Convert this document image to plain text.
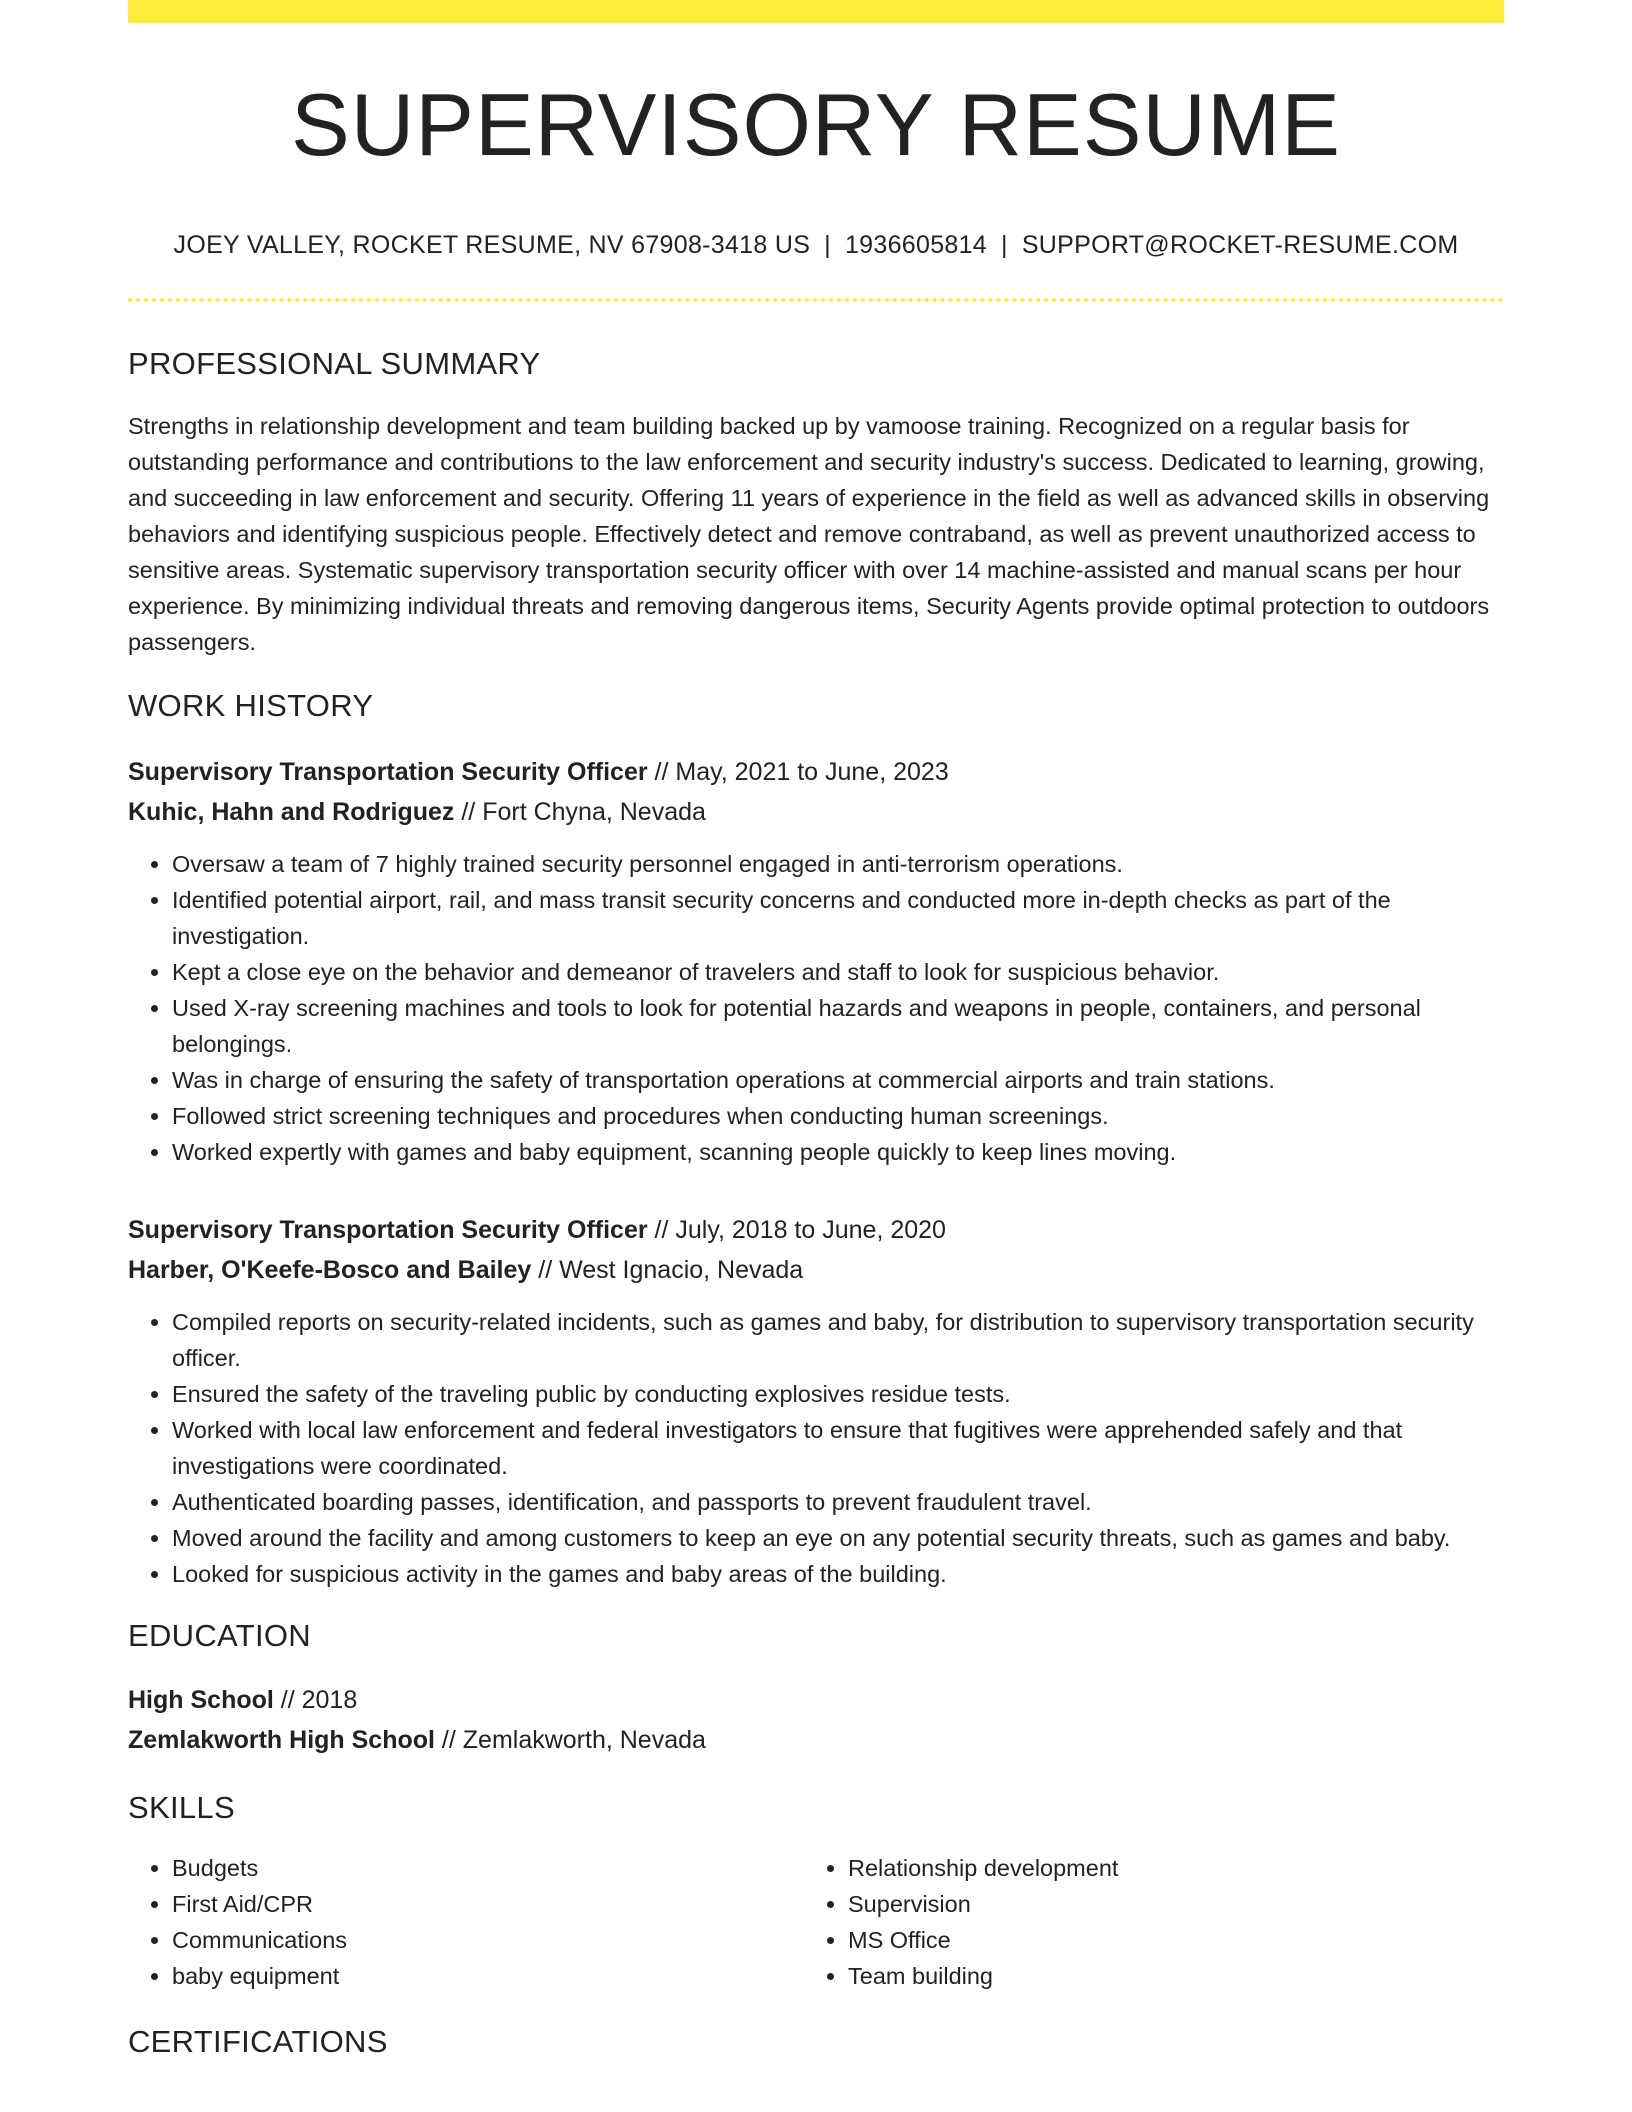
SUPERVISORY RESUME
JOEY VALLEY, ROCKET RESUME, NV 67908-3418 US | 1936605814 | SUPPORT@ROCKET-RESUME.COM
PROFESSIONAL SUMMARY
Strengths in relationship development and team building backed up by vamoose training. Recognized on a regular basis for outstanding performance and contributions to the law enforcement and security industry's success. Dedicated to learning, growing, and succeeding in law enforcement and security. Offering 11 years of experience in the field as well as advanced skills in observing behaviors and identifying suspicious people. Effectively detect and remove contraband, as well as prevent unauthorized access to sensitive areas. Systematic supervisory transportation security officer with over 14 machine-assisted and manual scans per hour experience. By minimizing individual threats and removing dangerous items, Security Agents provide optimal protection to outdoors passengers.
WORK HISTORY
Supervisory Transportation Security Officer // May, 2021 to June, 2023
Kuhic, Hahn and Rodriguez // Fort Chyna, Nevada
• Oversaw a team of 7 highly trained security personnel engaged in anti-terrorism operations.
• Identified potential airport, rail, and mass transit security concerns and conducted more in-depth checks as part of the investigation.
• Kept a close eye on the behavior and demeanor of travelers and staff to look for suspicious behavior.
• Used X-ray screening machines and tools to look for potential hazards and weapons in people, containers, and personal belongings.
• Was in charge of ensuring the safety of transportation operations at commercial airports and train stations.
• Followed strict screening techniques and procedures when conducting human screenings.
• Worked expertly with games and baby equipment, scanning people quickly to keep lines moving.
Supervisory Transportation Security Officer // July, 2018 to June, 2020
Harber, O'Keefe-Bosco and Bailey // West Ignacio, Nevada
• Compiled reports on security-related incidents, such as games and baby, for distribution to supervisory transportation security officer.
• Ensured the safety of the traveling public by conducting explosives residue tests.
• Worked with local law enforcement and federal investigators to ensure that fugitives were apprehended safely and that investigations were coordinated.
• Authenticated boarding passes, identification, and passports to prevent fraudulent travel.
• Moved around the facility and among customers to keep an eye on any potential security threats, such as games and baby.
• Looked for suspicious activity in the games and baby areas of the building.
EDUCATION
High School // 2018
Zemlakworth High School // Zemlakworth, Nevada
SKILLS
• Budgets
• First Aid/CPR
• Communications
• baby equipment
• Relationship development
• Supervision
• MS Office
• Team building
CERTIFICATIONS
